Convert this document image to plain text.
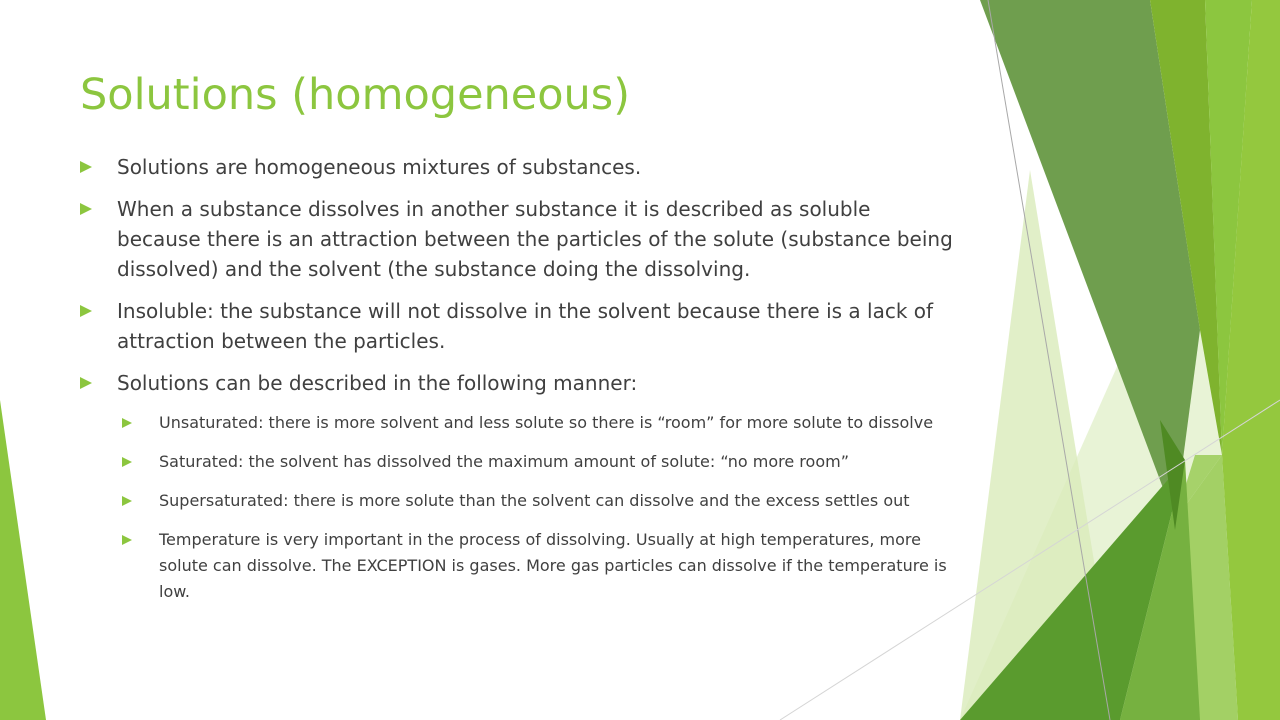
Solutions (homogeneous)
Solutions are homogeneous mixtures of substances.
When a substance dissolves in another substance it is described as soluble because there is an attraction between the particles of the solute (substance being dissolved) and the solvent (the substance doing the dissolving.
Insoluble: the substance will not dissolve in the solvent because there is a lack of attraction between the particles.
Solutions can be described in the following manner:
Unsaturated: there is more solvent and less solute so there is “room” for more solute to dissolve
Saturated: the solvent has dissolved the maximum amount of solute: “no more room”
Supersaturated: there is more solute than the solvent can dissolve and the excess settles out
Temperature is very important in the process of dissolving. Usually at high temperatures, more solute can dissolve. The EXCEPTION is gases. More gas particles can dissolve if the temperature is low.
